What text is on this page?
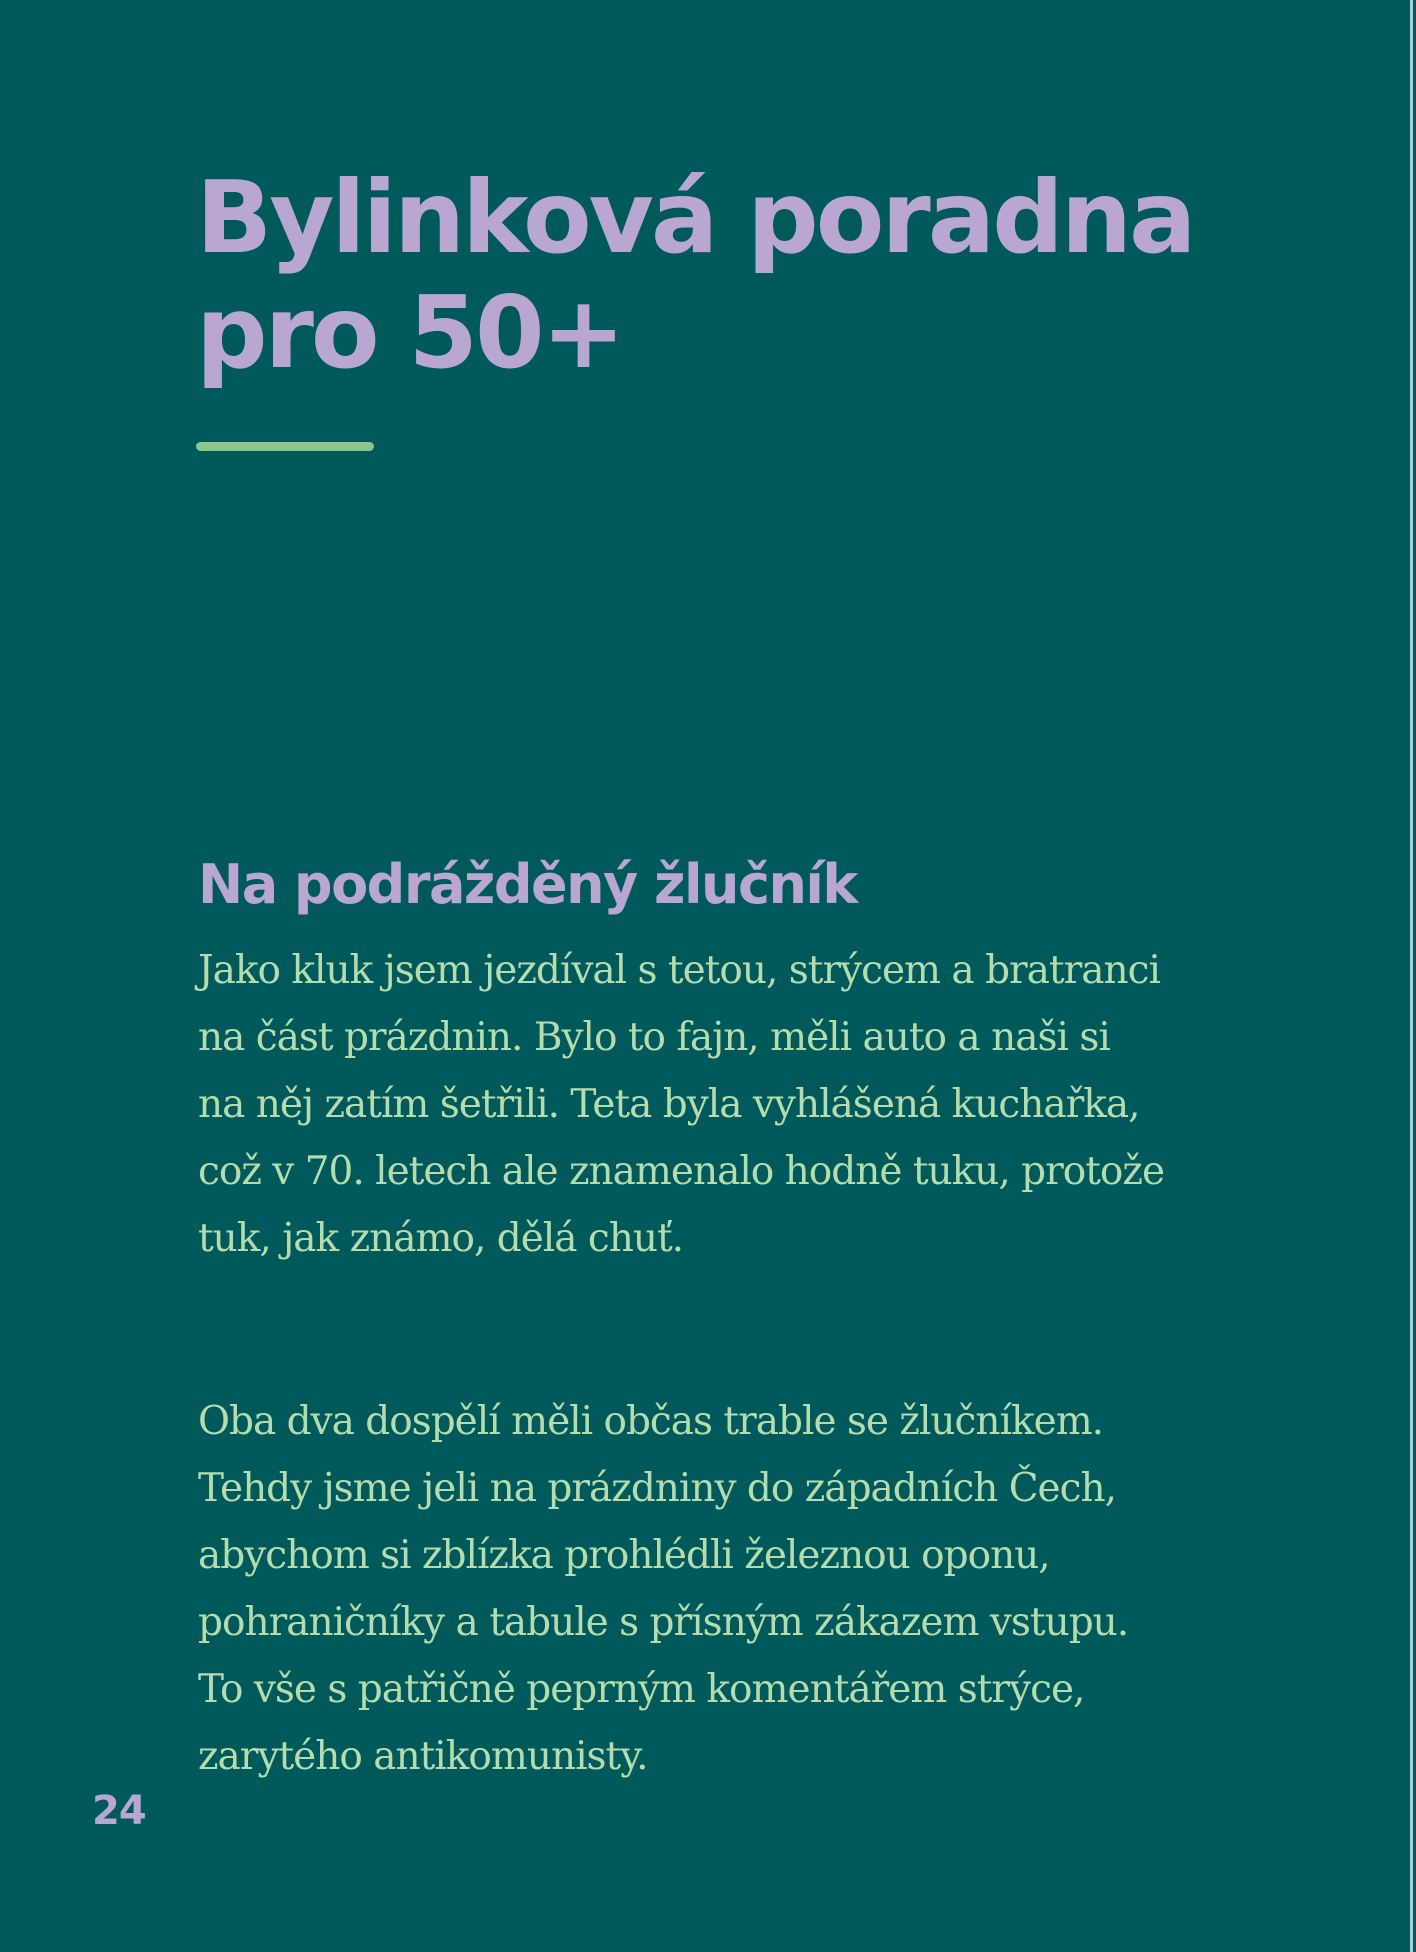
Bylinková poradna
pro 50+
Na podrážděný žlučník

Jako kluk jsem jezdíval s tetou, strýcem a bratranci
na část prázdnin. Bylo to fajn, měli auto a naši si
na něj zatím šetřili. Teta byla vyhlášená kuchařka,
což v 70. letech ale znamenalo hodně tuku, protože
tuk, jak známo, dělá chuť.

Oba dva dospělí měli občas trable se žlučníkem.
Tehdy jsme jeli na prázdniny do západních Čech,
abychom si zblízka prohlédli železnou oponu,
pohraničníky a tabule s přísným zákazem vstupu.
To vše s patřičně peprným komentářem strýce,
zarytého antikomunisty.

24
